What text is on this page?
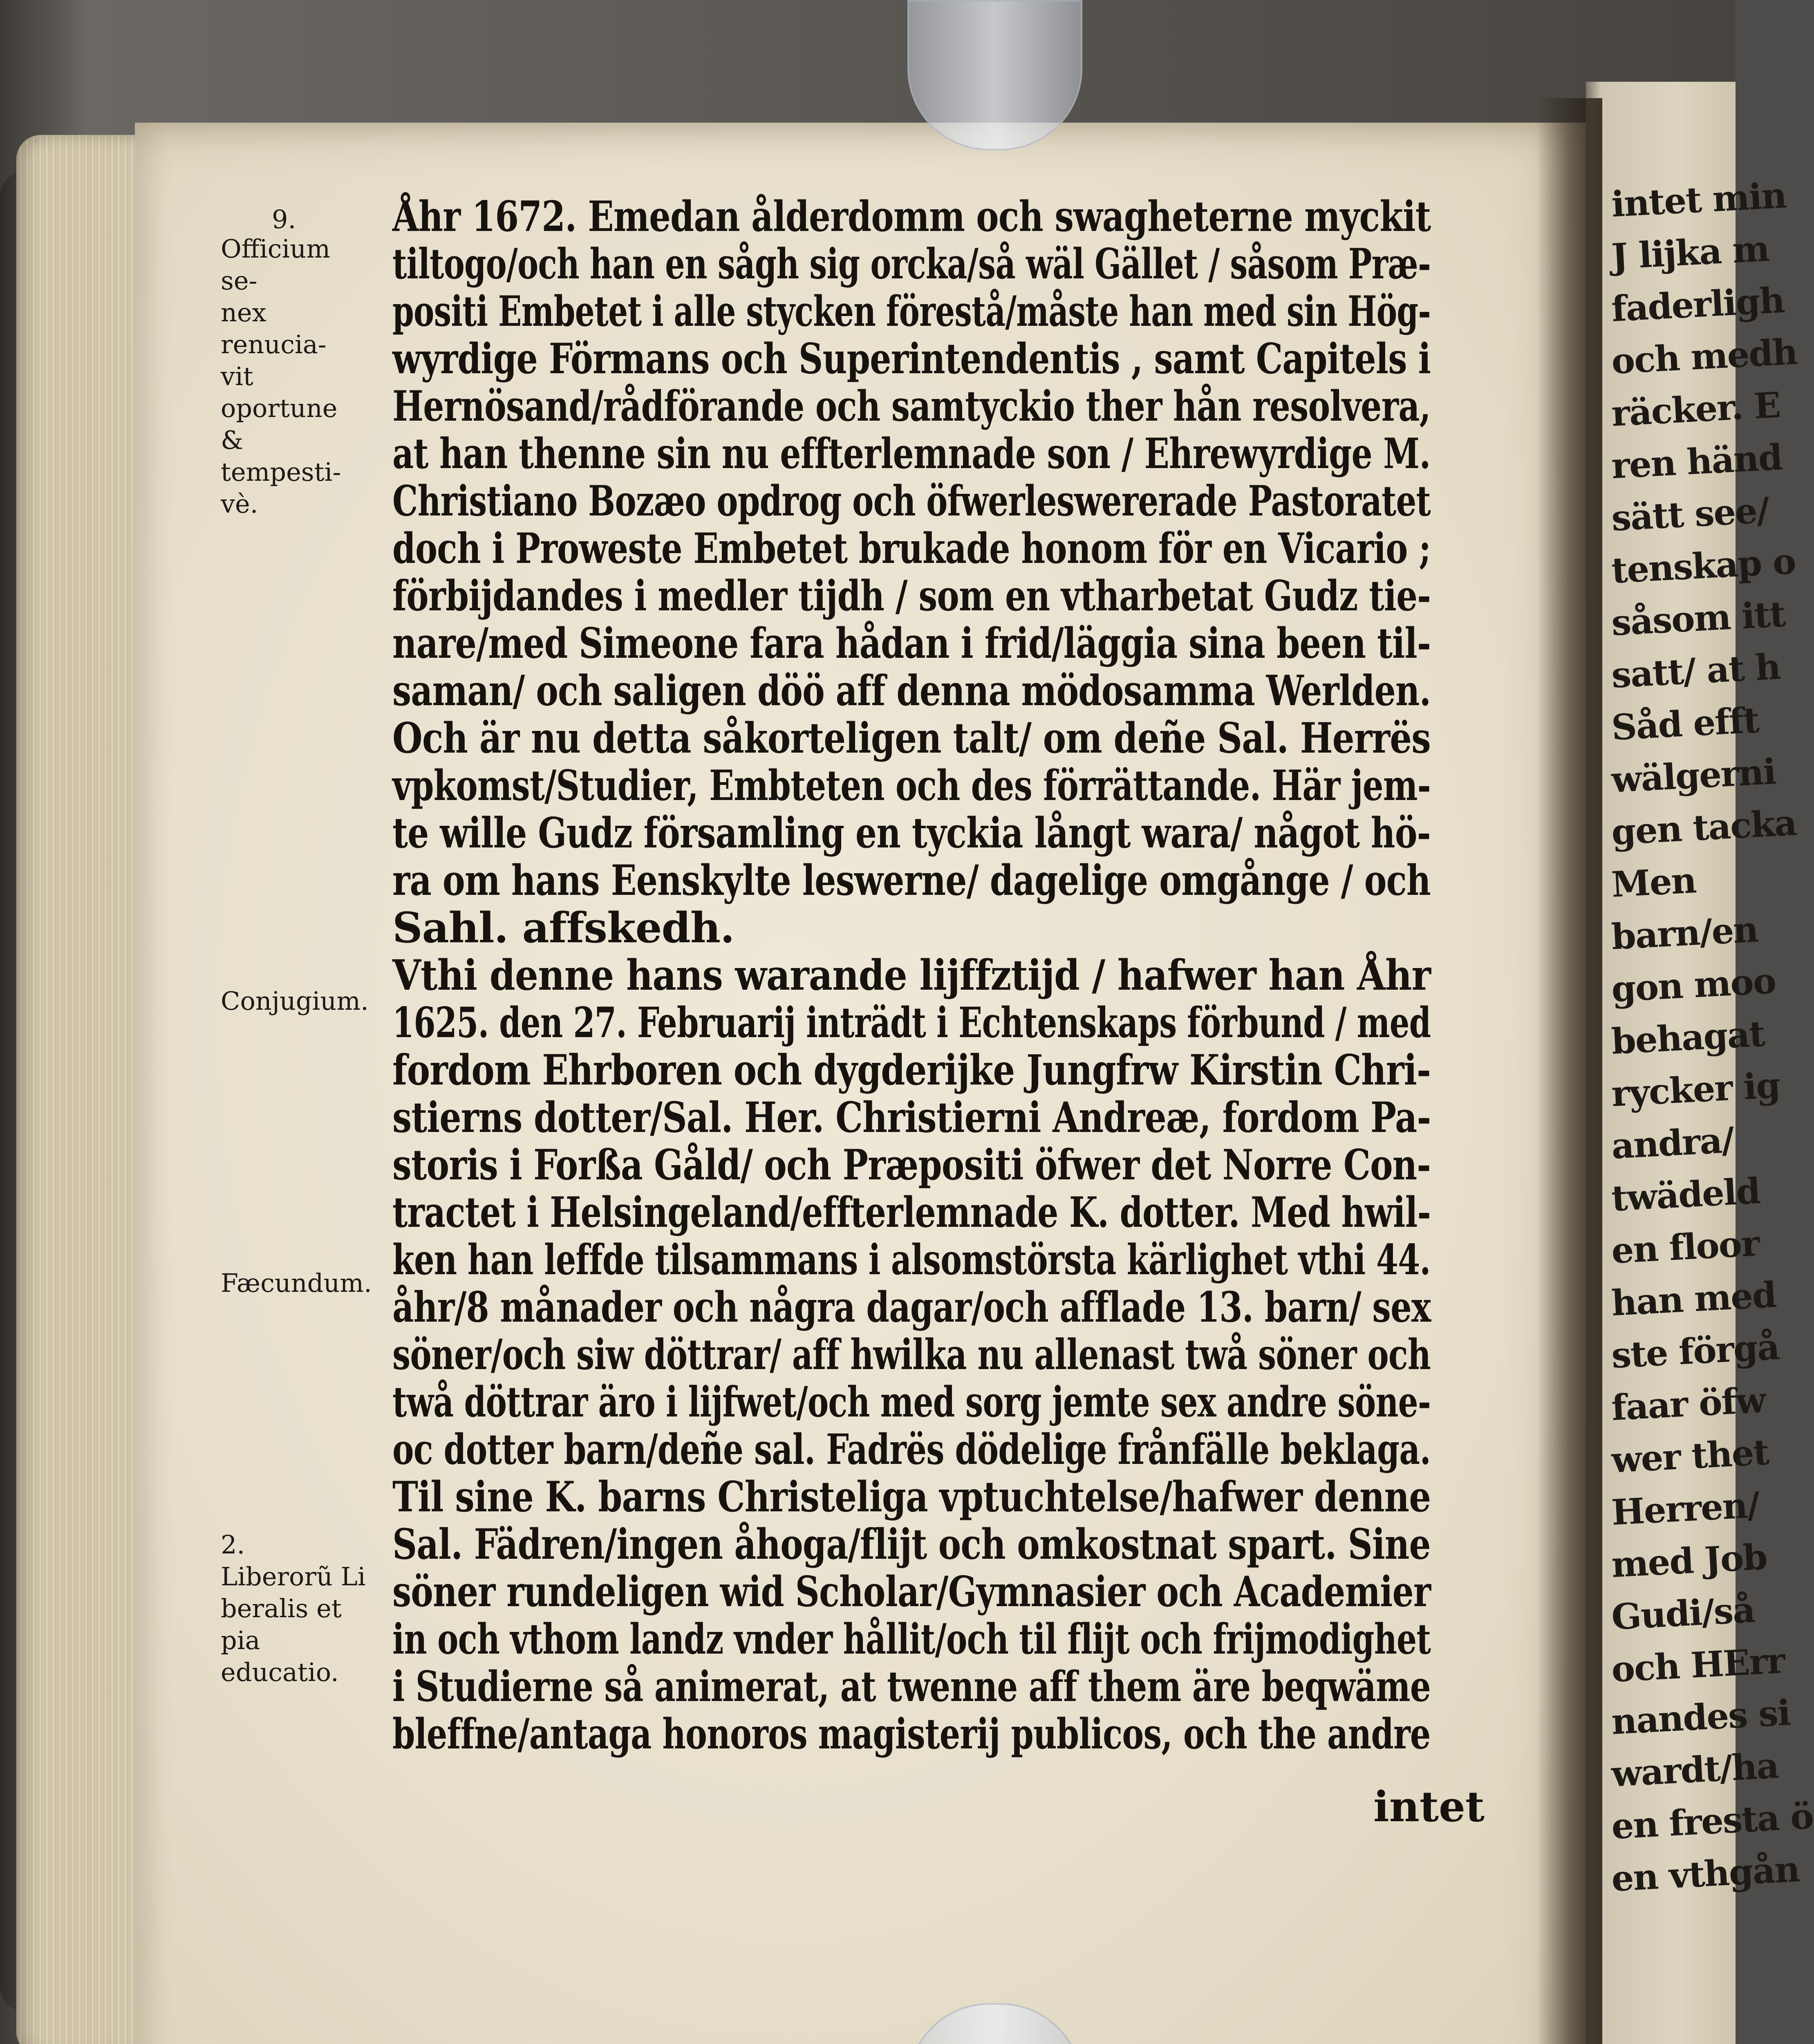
intet min
J lijka m
faderligh
och medh
räcker. E
ren händ
sätt see/
tenskap o
såsom itt
satt/ at h
Såd efft
wälgerni
gen tacka
Men
barn/en
gon moo
behagat
rycker ig
andra/
twädeld
en floor
han med
ste förgå
faar öfw
wer thet
Herren/
med Job
Gudi/så
och HErr
nandes si
wardt/ha
en fresta ö
en vthgån
9.
Officium se-
nex renucia-
vit oportune
& tempesti-
vè.
Conjugium.
Fæcundum.
2.
Liberorũ Li
beralis et pia
educatio.
Åhr 1672. Emedan ålderdomm och swagheterne myckit
tiltogo/och han en sågh sig orcka/så wäl Gället / såsom Præ-
positi Embetet i alle stycken förestå/måste han med sin Hög-
wyrdige Förmans och Superintendentis , samt Capitels i
Hernösand/rådförande och samtyckio ther hån resolvera,
at han thenne sin nu effterlemnade son / Ehrewyrdige M.
Christiano Bozæo opdrog och öfwerleswererade Pastoratet
doch i Proweste Embetet brukade honom för en Vicario ;
förbijdandes i medler tijdh / som en vtharbetat Gudz tie-
nare/med Simeone fara hådan i frid/läggia sina been til-
saman/ och saligen döö aff denna mödosamma Werlden.
Och är nu detta såkorteligen talt/ om deñe Sal. Herrës
vpkomst/Studier, Embteten och des förrättande. Här jem-
te wille Gudz församling en tyckia långt wara/ något hö-
ra om hans Eenskylte leswerne/ dagelige omgånge / och
Sahl. affskedh.
Vthi denne hans warande lijffztijd / hafwer han Åhr
1625. den 27. Februarij inträdt i Echtenskaps förbund / med
fordom Ehrboren och dygderijke Jungfrw Kirstin Chri-
stierns dotter/Sal. Her. Christierni Andreæ, fordom Pa-
storis i Forßa Gåld/ och Præpositi öfwer det Norre Con-
tractet i Helsingeland/effterlemnade K. dotter. Med hwil-
ken han leffde tilsammans i alsomstörsta kärlighet vthi 44.
åhr/8 månader och några dagar/och afflade 13. barn/ sex
söner/och siw döttrar/ aff hwilka nu allenast twå söner och
twå döttrar äro i lijfwet/och med sorg jemte sex andre söne-
oc dotter barn/deñe sal. Fadrës dödelige frånfälle beklaga.
Til sine K. barns Christeliga vptuchtelse/hafwer denne
Sal. Fädren/ingen åhoga/flijt och omkostnat spart. Sine
söner rundeligen wid Scholar/Gymnasier och Academier
in och vthom landz vnder hållit/och til flijt och frijmodighet
i Studierne så animerat, at twenne aff them äre beqwäme
bleffne/antaga honoros magisterij publicos, och the andre
intet
